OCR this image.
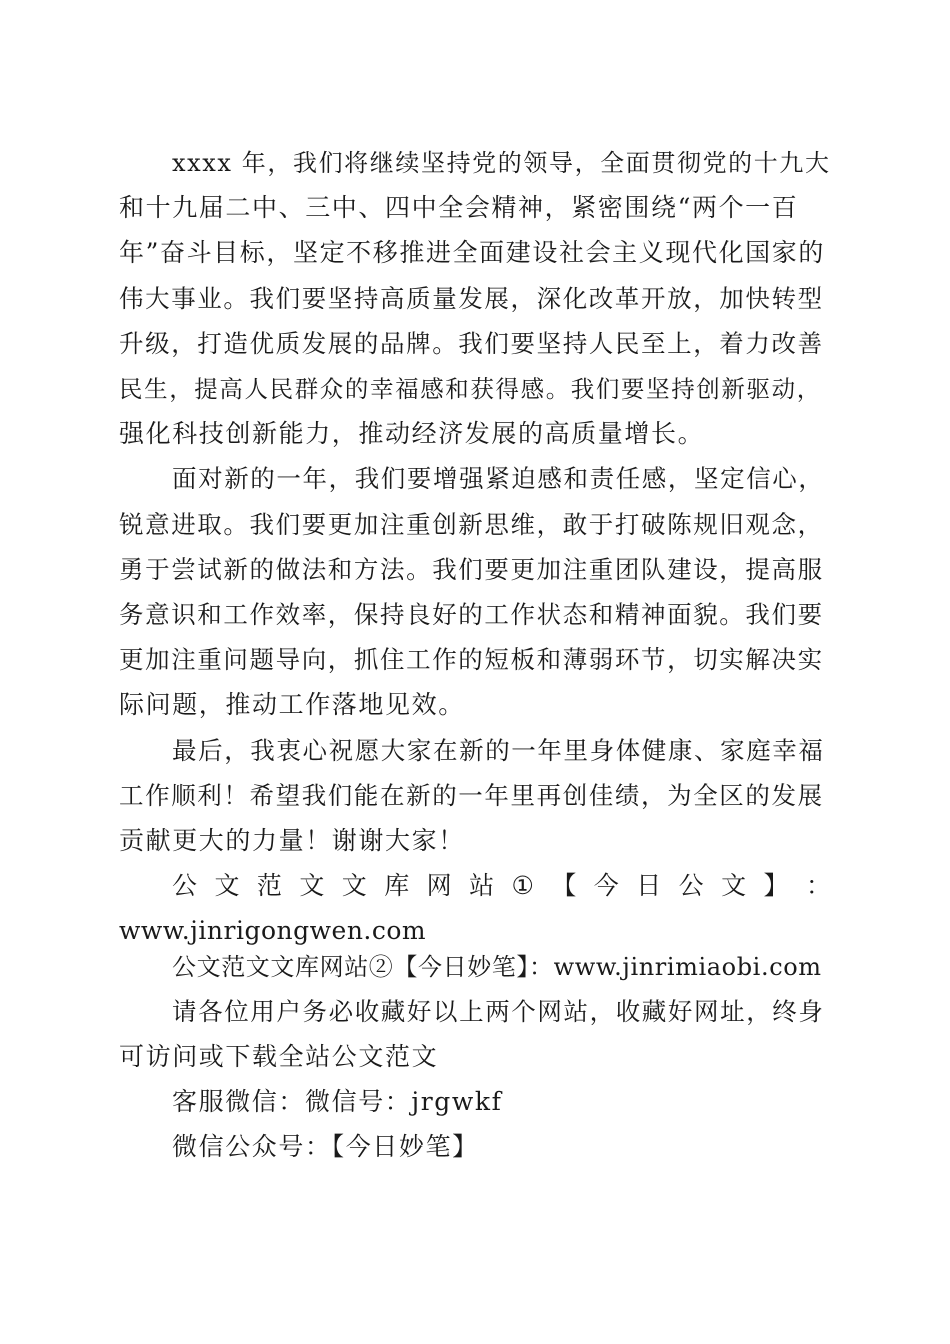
xxxx 年，我们将继续坚持党的领导，全面贯彻党的十九大
和十九届二中、三中、四中全会精神，紧密围绕“两个一百
年”奋斗目标，坚定不移推进全面建设社会主义现代化国家的
伟大事业。我们要坚持高质量发展，深化改革开放，加快转型
升级，打造优质发展的品牌。我们要坚持人民至上，着力改善
民生，提高人民群众的幸福感和获得感。我们要坚持创新驱动，
强化科技创新能力，推动经济发展的高质量增长。
面对新的一年，我们要增强紧迫感和责任感，坚定信心，
锐意进取。我们要更加注重创新思维，敢于打破陈规旧观念，
勇于尝试新的做法和方法。我们要更加注重团队建设，提高服
务意识和工作效率，保持良好的工作状态和精神面貌。我们要
更加注重问题导向，抓住工作的短板和薄弱环节，切实解决实
际问题，推动工作落地见效。
最后，我衷心祝愿大家在新的一年里身体健康、家庭幸福
工作顺利！希望我们能在新的一年里再创佳绩，为全区的发展
贡献更大的力量！谢谢大家！
公 文 范 文 文 库 网 站 ① 【 今 日 公 文 】 ：
www.jinrigongwen.com
公文范文文库网站②【今日妙笔】：www.jinrimiaobi.com
请各位用户务必收藏好以上两个网站，收藏好网址，终身
可访问或下载全站公文范文
客服微信：微信号：jrgwkf
微信公众号：【今日妙笔】
